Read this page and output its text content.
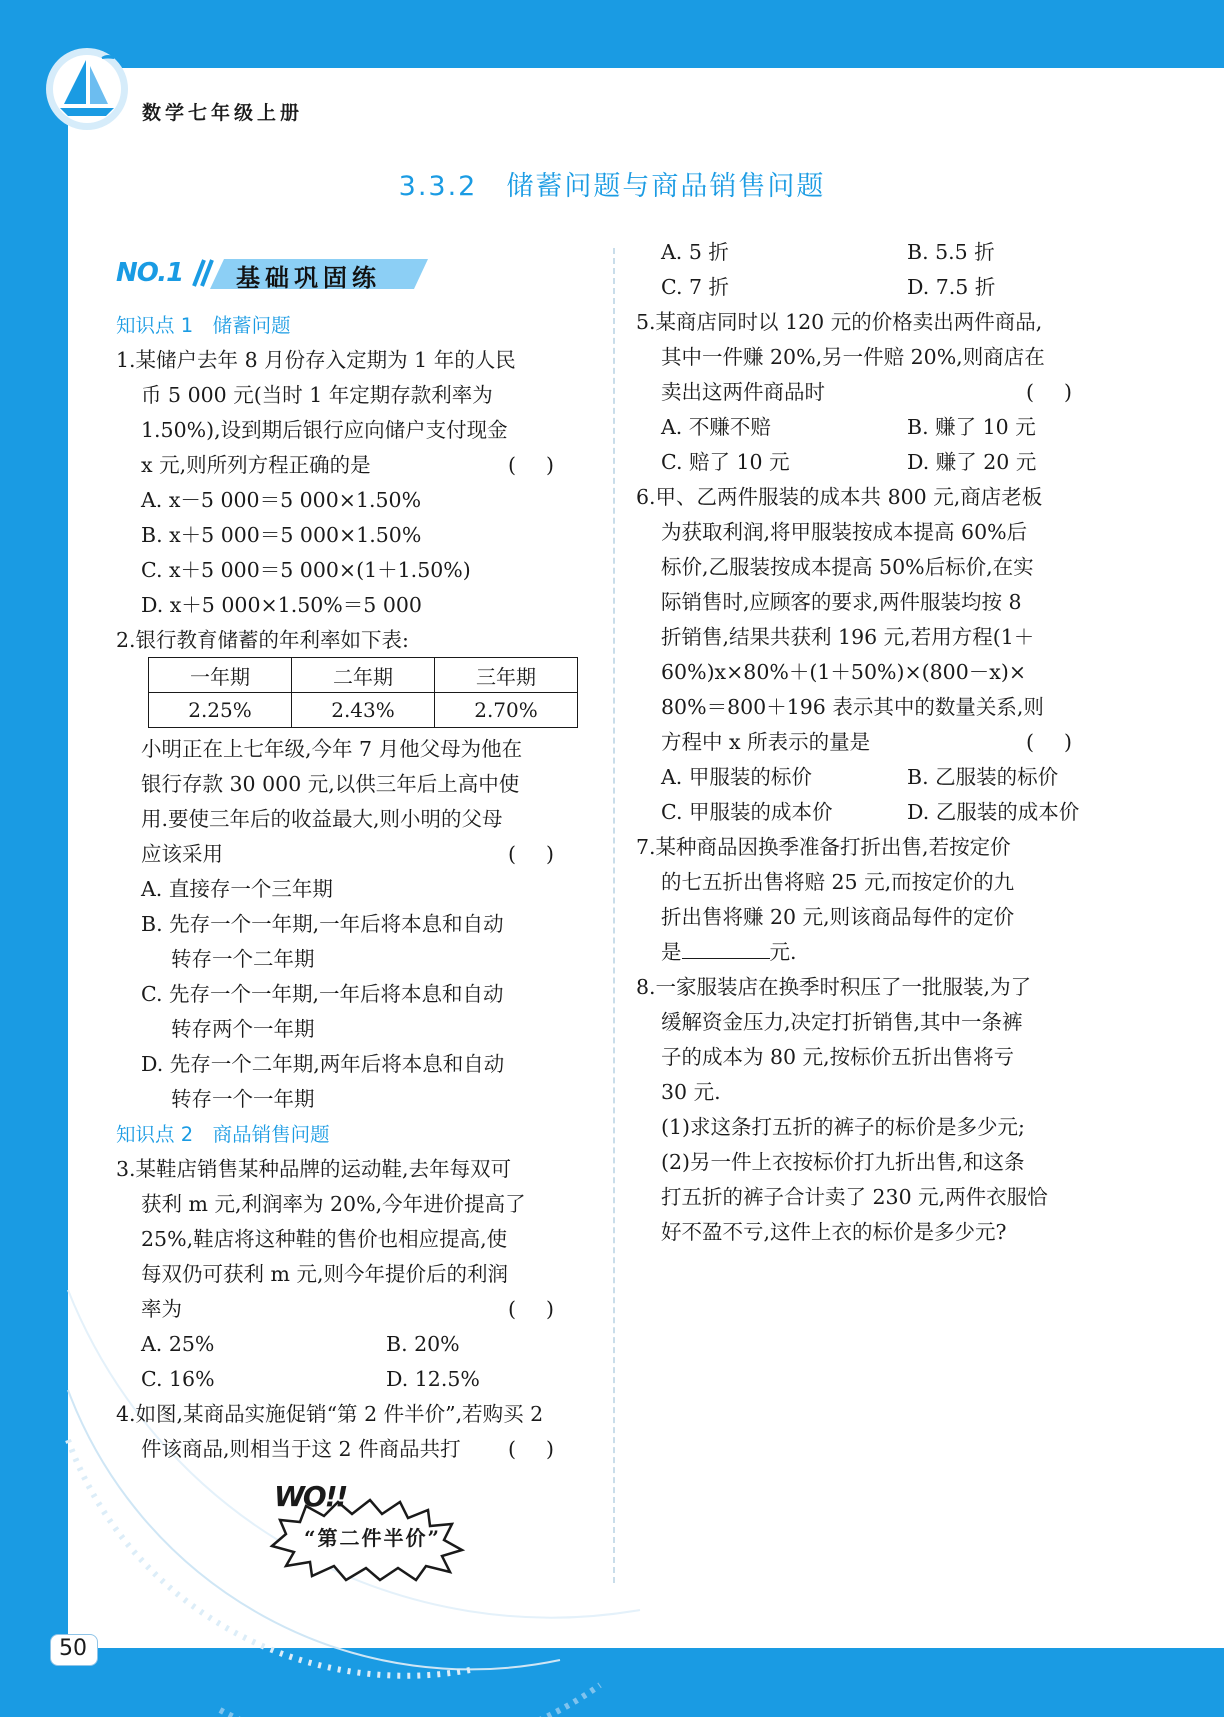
数学七年级上册
3.3.2　储蓄问题与商品销售问题
NO.1 基础巩固练
知识点 1　储蓄问题
1.某储户去年 8 月份存入定期为 1 年的人民
币 5 000 元(当时 1 年定期存款利率为
1.50%),设到期后银行应向储户支付现金
x 元,则所列方程正确的是	()
A. x－5 000＝5 000×1.50%
B. x＋5 000＝5 000×1.50%
C. x＋5 000＝5 000×(1＋1.50%)
D. x＋5 000×1.50%＝5 000
2.银行教育储蓄的年利率如下表:
小明正在上七年级,今年 7 月他父母为他在
银行存款 30 000 元,以供三年后上高中使
用.要使三年后的收益最大,则小明的父母
应该采用	()
A. 直接存一个三年期
B. 先存一个一年期,一年后将本息和自动
转存一个二年期
C. 先存一个一年期,一年后将本息和自动
转存两个一年期
D. 先存一个二年期,两年后将本息和自动
转存一个一年期
知识点 2　商品销售问题
3.某鞋店销售某种品牌的运动鞋,去年每双可
获利 m 元,利润率为 20%,今年进价提高了
25%,鞋店将这种鞋的售价也相应提高,使
每双仍可获利 m 元,则今年提价后的利润
率为	()
A. 25%	B. 20%
C. 16%	D. 12.5%
4.如图,某商品实施促销“第 2 件半价”,若购买 2
件该商品,则相当于这 2 件商品共打 ()
一年期	二年期	三年期
2.25%	2.43%	2.70%
WO!!
“第二件半价”
A. 5 折	B. 5.5 折
C. 7 折	D. 7.5 折
5.某商店同时以 120 元的价格卖出两件商品,
其中一件赚 20%,另一件赔 20%,则商店在
卖出这两件商品时	()
A. 不赚不赔	B. 赚了 10 元
C. 赔了 10 元	D. 赚了 20 元
6.甲、乙两件服装的成本共 800 元,商店老板
为获取利润,将甲服装按成本提高 60%后
标价,乙服装按成本提高 50%后标价,在实
际销售时,应顾客的要求,两件服装均按 8
折销售,结果共获利 196 元,若用方程(1＋
60%)x×80%＋(1＋50%)×(800－x)×
80%＝800＋196 表示其中的数量关系,则
方程中 x 所表示的量是	()
A. 甲服装的标价	B. 乙服装的标价
C. 甲服装的成本价	D. 乙服装的成本价
7.某种商品因换季准备打折出售,若按定价
的七五折出售将赔 25 元,而按定价的九
折出售将赚 20 元,则该商品每件的定价
是	元.
8.一家服装店在换季时积压了一批服装,为了
缓解资金压力,决定打折销售,其中一条裤
子的成本为 80 元,按标价五折出售将亏
30 元.
(1)求这条打五折的裤子的标价是多少元;
(2)另一件上衣按标价打九折出售,和这条
打五折的裤子合计卖了 230 元,两件衣服恰
好不盈不亏,这件上衣的标价是多少元?
50
